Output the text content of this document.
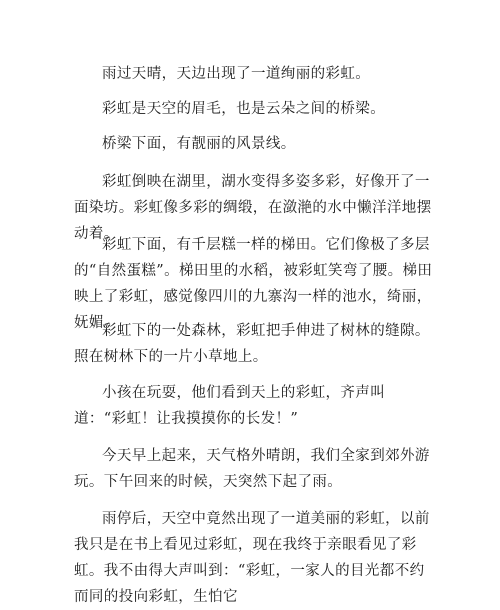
雨过天晴，天边出现了一道绚丽的彩虹。

彩虹是天空的眉毛，也是云朵之间的桥梁。

桥梁下面，有靓丽的风景线。

彩虹倒映在湖里，湖水变得多姿多彩，好像开了一面染坊。彩虹像多彩的绸缎，在潋滟的水中懒洋洋地摆动着。

彩虹下面，有千层糕一样的梯田。它们像极了多层的“自然蛋糕”。梯田里的水稻，被彩虹笑弯了腰。梯田映上了彩虹，感觉像四川的九寨沟一样的池水，绮丽，妩媚。

彩虹下的一处森林，彩虹把手伸进了树林的缝隙。照在树林下的一片小草地上。

小孩在玩耍，他们看到天上的彩虹，齐声叫道：“彩虹！让我摸摸你的长发！”

今天早上起来，天气格外晴朗，我们全家到郊外游玩。下午回来的时候，天突然下起了雨。

雨停后，天空中竟然出现了一道美丽的彩虹，以前我只是在书上看见过彩虹，现在我终于亲眼看见了彩虹。我不由得大声叫到：“彩虹，一家人的目光都不约而同的投向彩虹，生怕它
